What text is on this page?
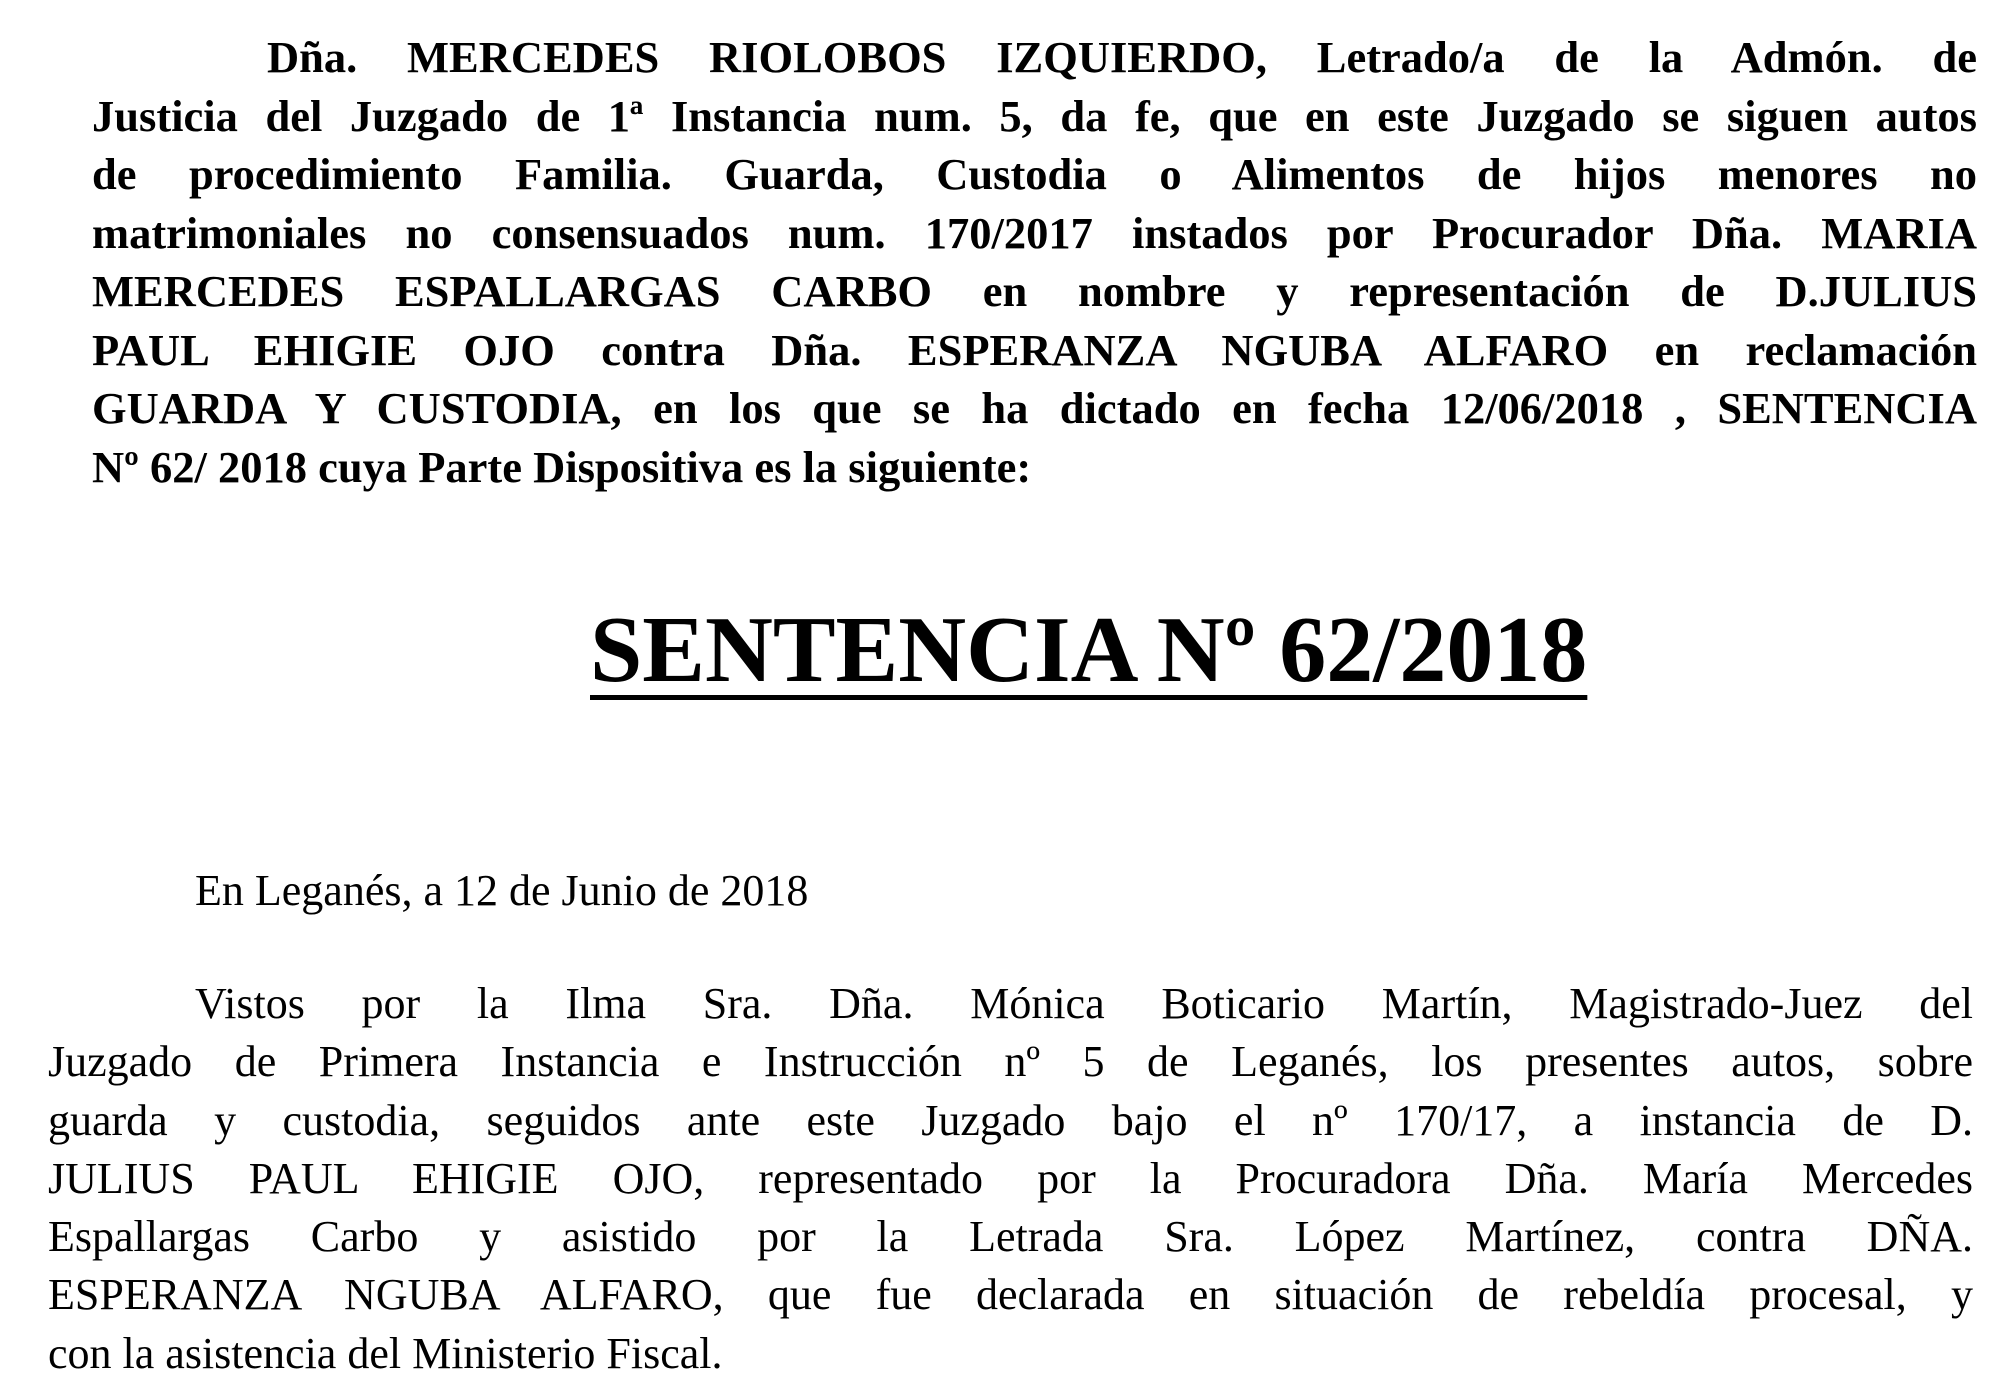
Dña. MERCEDES RIOLOBOS IZQUIERDO, Letrado/a de la Admón. de
Justicia del Juzgado de 1ª Instancia num. 5, da fe, que en este Juzgado se siguen autos
de procedimiento Familia. Guarda, Custodia o Alimentos de hijos menores no
matrimoniales no consensuados num. 170/2017 instados por Procurador Dña. MARIA
MERCEDES ESPALLARGAS CARBO en nombre y representación de D.JULIUS
PAUL EHIGIE OJO contra Dña. ESPERANZA NGUBA ALFARO en reclamación
GUARDA Y CUSTODIA, en los que se ha dictado en fecha 12/06/2018 , SENTENCIA
Nº 62/ 2018 cuya Parte Dispositiva es la siguiente:
SENTENCIA Nº 62/2018
En Leganés, a 12 de Junio de 2018
Vistos por la Ilma Sra. Dña. Mónica Boticario Martín, Magistrado-Juez del
Juzgado de Primera Instancia e Instrucción nº 5 de Leganés, los presentes autos, sobre
guarda y custodia, seguidos ante este Juzgado bajo el nº 170/17, a instancia de D.
JULIUS PAUL EHIGIE OJO, representado por la Procuradora Dña. María Mercedes
Espallargas Carbo y asistido por la Letrada Sra. López Martínez, contra DÑA.
ESPERANZA NGUBA ALFARO, que fue declarada en situación de rebeldía procesal, y
con la asistencia del Ministerio Fiscal.
